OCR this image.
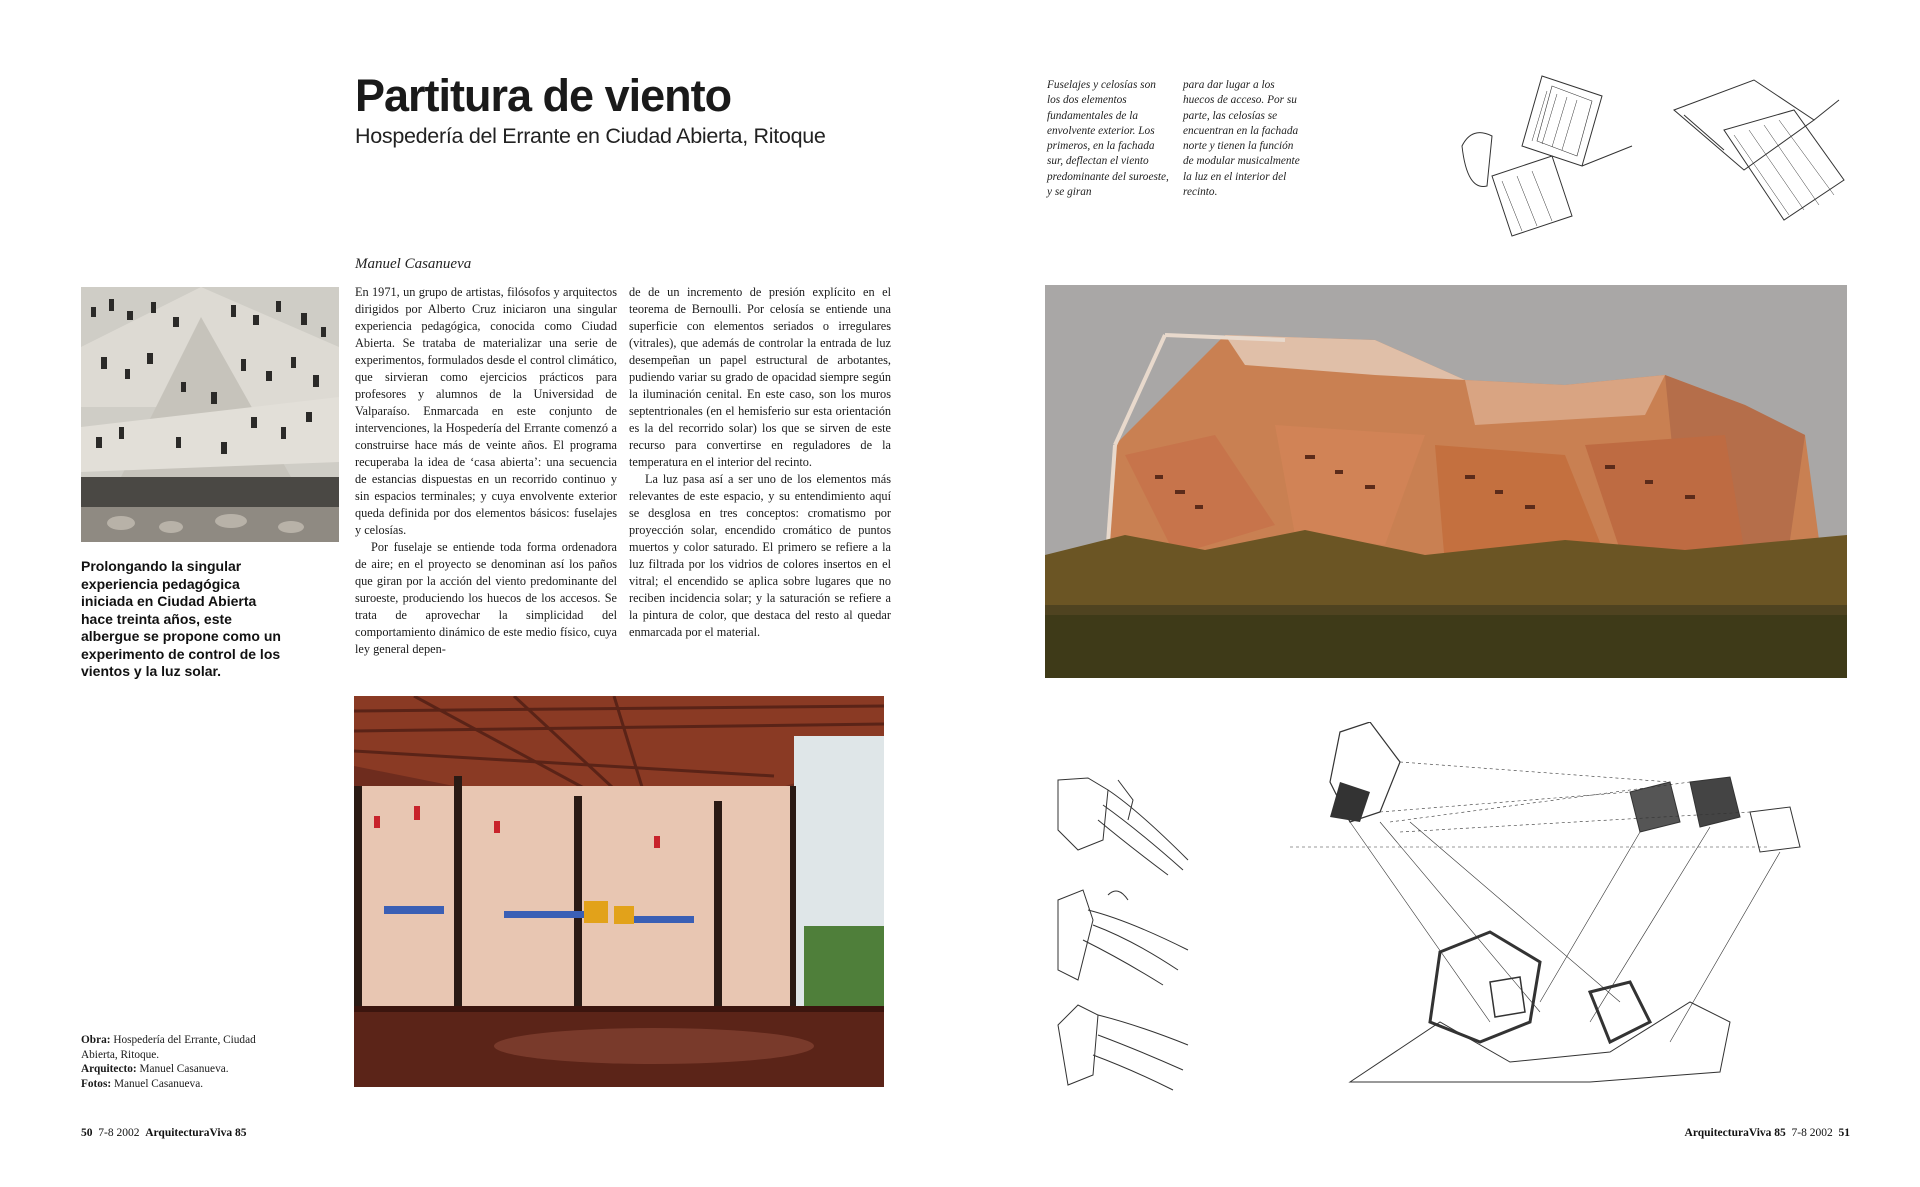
Partitura de viento
Hospedería del Errante en Ciudad Abierta, Ritoque
Manuel Casanueva

En 1971, un grupo de artistas, filósofos y arquitectos dirigidos por Alberto Cruz iniciaron una singular experiencia pedagógica, conocida como Ciudad Abierta. Se trataba de materializar una serie de experimentos, formulados desde el control climático, que sirvieran como ejercicios prácticos para profesores y alumnos de la Universidad de Valparaíso. Enmarcada en este conjunto de intervenciones, la Hospedería del Errante comenzó a construirse hace más de veinte años. El programa recuperaba la idea de ‘casa abierta’: una secuencia de estancias dispuestas en un recorrido continuo y sin espacios terminales; y cuya envolvente exterior queda definida por dos elementos básicos: fuselajes y celosías.

Por fuselaje se entiende toda forma ordenadora de aire; en el proyecto se denominan así los paños que giran por la acción del viento predominante del suroeste, produciendo los huecos de los accesos. Se trata de aprovechar la simplicidad del comportamiento dinámico de este medio físico, cuya ley general depen-

de de un incremento de presión explícito en el teorema de Bernoulli. Por celosía se entiende una superficie con elementos seriados o irregulares (vitrales), que además de controlar la entrada de luz desempeñan un papel estructural de arbotantes, pudiendo variar su grado de opacidad siempre según la iluminación cenital. En este caso, son los muros septentrionales (en el hemisferio sur esta orientación es la del recorrido solar) los que se sirven de este recurso para convertirse en reguladores de la temperatura en el interior del recinto.

La luz pasa así a ser uno de los elementos más relevantes de este espacio, y su entendimiento aquí se desglosa en tres conceptos: cromatismo por proyección solar, encendido cromático de puntos muertos y color saturado. El primero se refiere a la luz filtrada por los vidrios de colores insertos en el vitral; el encendido se aplica sobre lugares que no reciben incidencia solar; y la saturación se refiere a la pintura de color, que destaca del resto al quedar enmarcada por el material.

Prolongando la singular experiencia pedagógica iniciada en Ciudad Abierta hace treinta años, este albergue se propone como un experimento de control de los vientos y la luz solar.
Obra: Hospedería del Errante, Ciudad Abierta, Ritoque.
Arquitecto: Manuel Casanueva.
Fotos: Manuel Casanueva.
50 7-8 2002 ArquitecturaViva 85
Fuselajes y celosías son los dos elementos fundamentales de la envolvente exterior. Los primeros, en la fachada sur, deflectan el viento predominante del suroeste, y se giran
para dar lugar a los huecos de acceso. Por su parte, las celosías se encuentran en la fachada norte y tienen la función de modular musicalmente la luz en el interior del recinto.
ArquitecturaViva 85 7-8 2002 51
